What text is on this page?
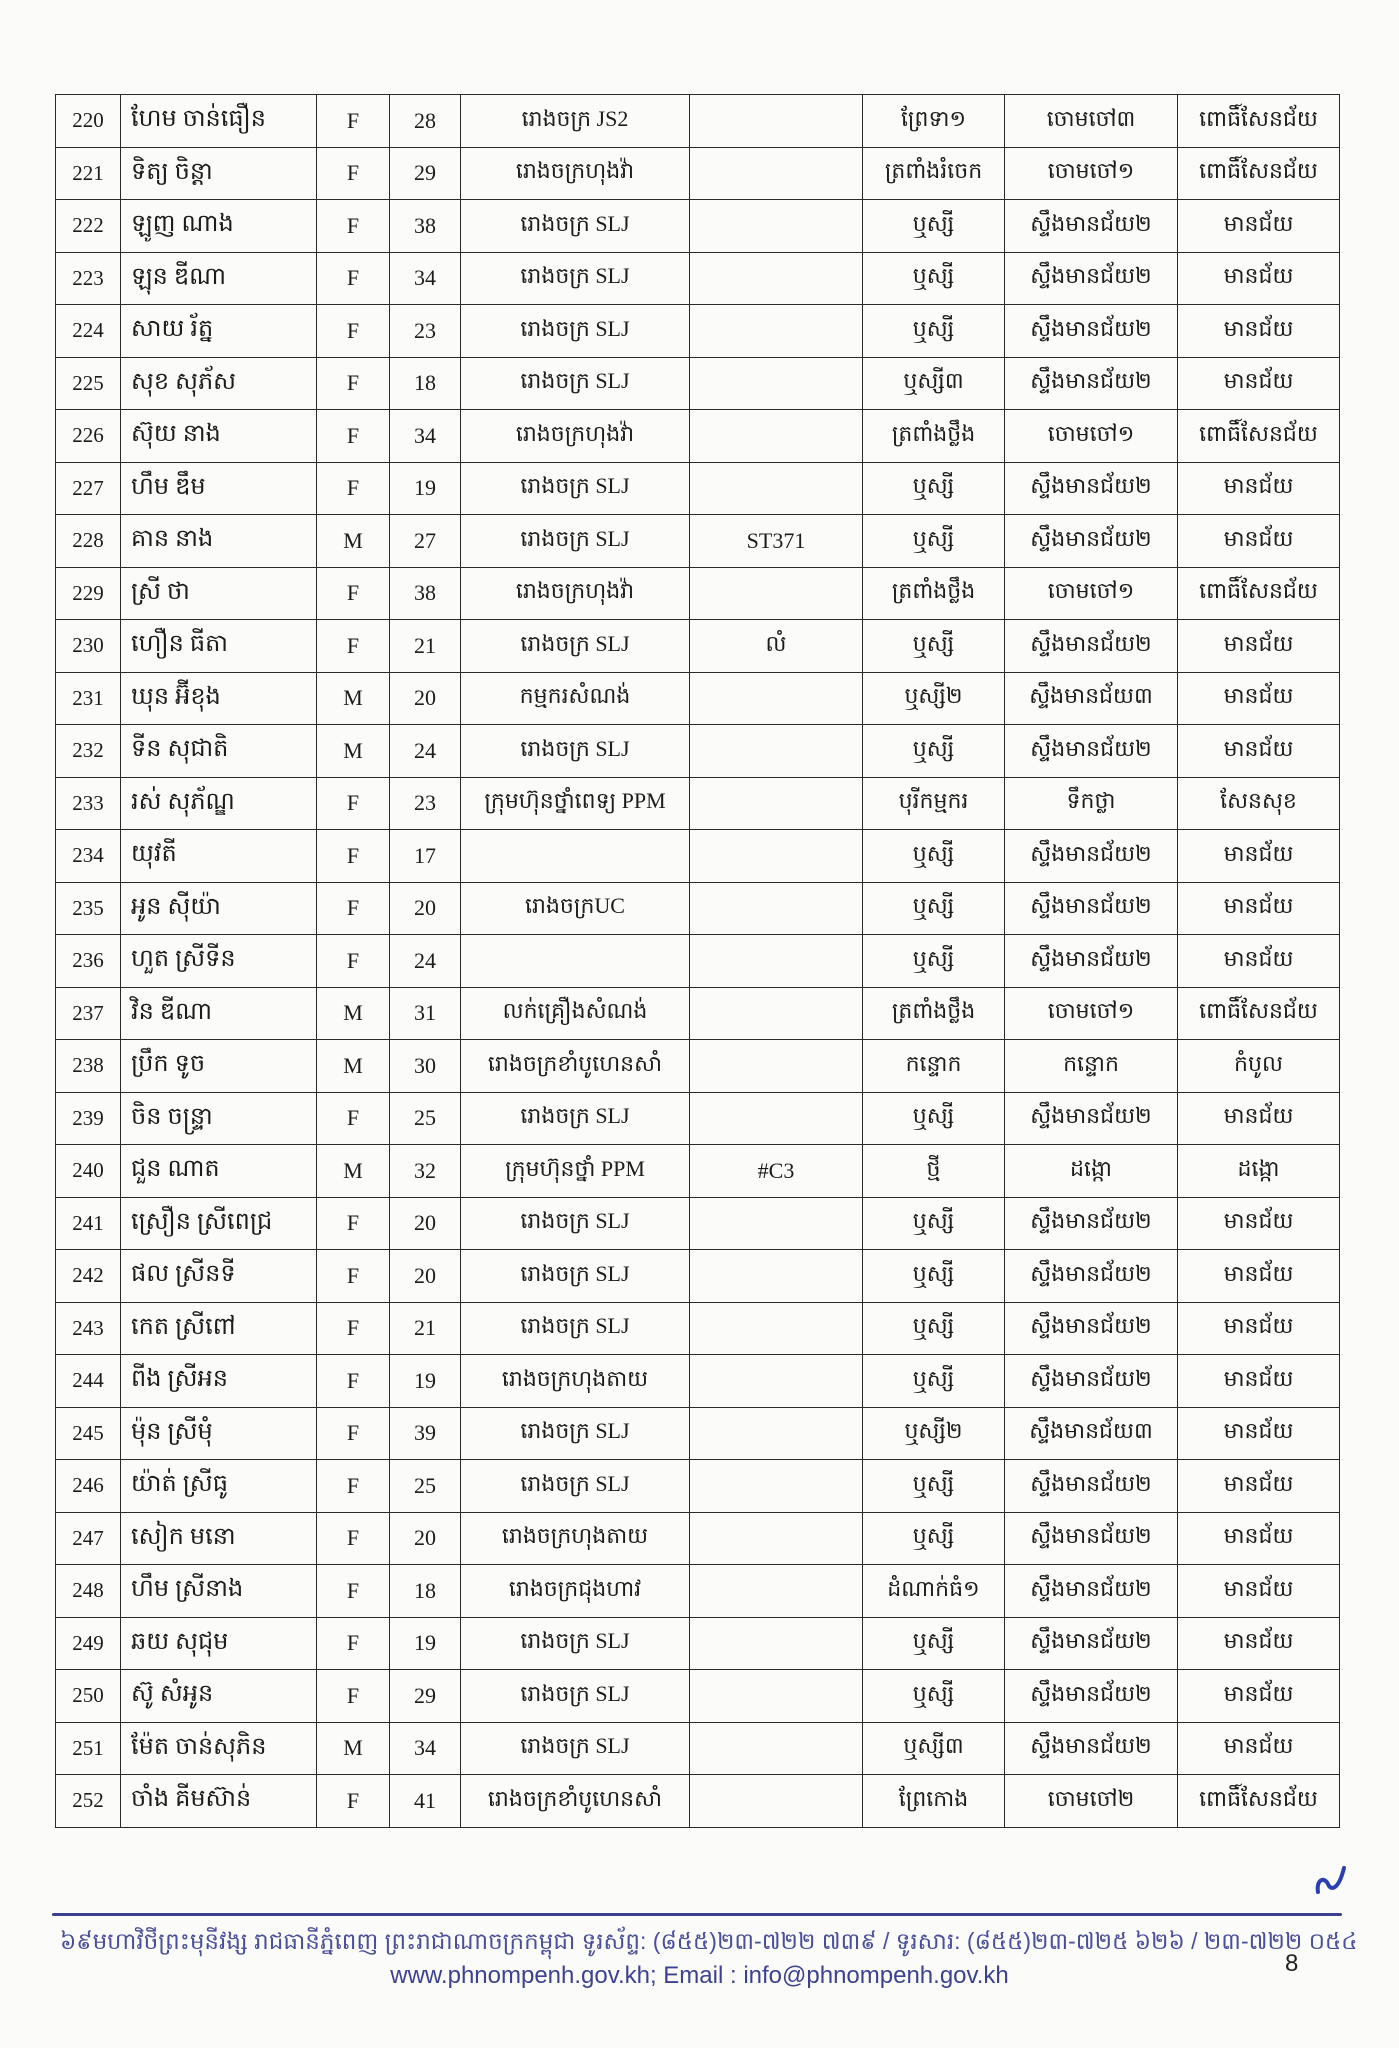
220	ហែម ចាន់ធឿន	F	28	រោងចក្រ JS2		ព្រែទា១	ចោមចៅ៣	ពោធិ៍សែនជ័យ
221	ទិត្យ ចិន្តា	F	29	រោងចក្រហុងវ៉ា		ត្រពាំងរំចេក	ចោមចៅ១	ពោធិ៍សែនជ័យ
222	ឡូញ ណាង	F	38	រោងចក្រ SLJ		ឬស្សី	ស្ទឹងមានជ័យ២	មានជ័យ
223	ឡុន ឌីណា	F	34	រោងចក្រ SLJ		ឬស្សី	ស្ទឹងមានជ័យ២	មានជ័យ
224	សាយ រ័ត្ន	F	23	រោងចក្រ SLJ		ឬស្សី	ស្ទឹងមានជ័យ២	មានជ័យ
225	សុខ សុភ័ស	F	18	រោងចក្រ SLJ		ឬស្សី៣	ស្ទឹងមានជ័យ២	មានជ័យ
226	ស៊ុយ នាង	F	34	រោងចក្រហុងវ៉ា		ត្រពាំងថ្លឹង	ចោមចៅ១	ពោធិ៍សែនជ័យ
227	ហឹម ឌឹម	F	19	រោងចក្រ SLJ		ឬស្សី	ស្ទឹងមានជ័យ២	មានជ័យ
228	គាន នាង	M	27	រោងចក្រ SLJ	ST371	ឬស្សី	ស្ទឹងមានជ័យ២	មានជ័យ
229	ស្រី ថា	F	38	រោងចក្រហុងវ៉ា		ត្រពាំងថ្លឹង	ចោមចៅ១	ពោធិ៍សែនជ័យ
230	ហឿន ធីតា	F	21	រោងចក្រ SLJ	លំ	ឬស្សី	ស្ទឹងមានជ័យ២	មានជ័យ
231	ឃុន អ៊ីខុង	M	20	កម្មករសំណង់		ឬស្សី២	ស្ទឹងមានជ័យ៣	មានជ័យ
232	ទីន សុជាតិ	M	24	រោងចក្រ SLJ		ឬស្សី	ស្ទឹងមានជ័យ២	មានជ័យ
233	រស់ សុភ័ណ្ឌ	F	23	ក្រុមហ៊ុនថ្នាំពេទ្យ PPM		បុរីកម្មករ	ទឹកថ្លា	សែនសុខ
234	យុវតី	F	17			ឬស្សី	ស្ទឹងមានជ័យ២	មានជ័យ
235	អូន ស៊ីយ៉ា	F	20	រោងចក្រUC		ឬស្សី	ស្ទឹងមានជ័យ២	មានជ័យ
236	ហួត ស្រីទីន	F	24			ឬស្សី	ស្ទឹងមានជ័យ២	មានជ័យ
237	វិន ឌីណា	M	31	លក់គ្រឿងសំណង់		ត្រពាំងថ្លឹង	ចោមចៅ១	ពោធិ៍សែនជ័យ
238	ប្រឹក ទូច	M	30	រោងចក្រខាំបូហេនសាំ		កន្ទោក	កន្ទោក	កំបូល
239	ចិន ចន្ទ្រា	F	25	រោងចក្រ SLJ		ឬស្សី	ស្ទឹងមានជ័យ២	មានជ័យ
240	ជួន ណាត	M	32	ក្រុមហ៊ុនថ្នាំ PPM	#C3	ថ្មី	ដង្កោ	ដង្កោ
241	ស្រឿន ស្រីពេជ្រ	F	20	រោងចក្រ SLJ		ឬស្សី	ស្ទឹងមានជ័យ២	មានជ័យ
242	ផល ស្រីនទី	F	20	រោងចក្រ SLJ		ឬស្សី	ស្ទឹងមានជ័យ២	មានជ័យ
243	កេត ស្រីពៅ	F	21	រោងចក្រ SLJ		ឬស្សី	ស្ទឹងមានជ័យ២	មានជ័យ
244	ពីង ស្រីអន	F	19	រោងចក្រហុងតាយ		ឬស្សី	ស្ទឹងមានជ័យ២	មានជ័យ
245	ម៉ុន ស្រីមុំ	F	39	រោងចក្រ SLJ		ឬស្សី២	ស្ទឹងមានជ័យ៣	មានជ័យ
246	យ៉ាត់ ស្រីធូ	F	25	រោងចក្រ SLJ		ឬស្សី	ស្ទឹងមានជ័យ២	មានជ័យ
247	សៀក មនោ	F	20	រោងចក្រហុងតាយ		ឬស្សី	ស្ទឹងមានជ័យ២	មានជ័យ
248	ហឹម ស្រីនាង	F	18	រោងចក្រជុងហាវ		ដំណាក់ធំ១	ស្ទឹងមានជ័យ២	មានជ័យ
249	ឆយ សុជុម	F	19	រោងចក្រ SLJ		ឬស្សី	ស្ទឹងមានជ័យ២	មានជ័យ
250	ស៊ូ សំអូន	F	29	រោងចក្រ SLJ		ឬស្សី	ស្ទឹងមានជ័យ២	មានជ័យ
251	ម៉ែត ចាន់សុភិន	M	34	រោងចក្រ SLJ		ឬស្សី៣	ស្ទឹងមានជ័យ២	មានជ័យ
252	ចាំង គីមស៊ាន់	F	41	រោងចក្រខាំបូហេនសាំ		ព្រែកោង	ចោមចៅ២	ពោធិ៍សែនជ័យ
៦៩មហាវិថីព្រះមុនីវង្ស រាជធានីភ្នំពេញ ព្រះរាជាណាចក្រកម្ពុជា ទូរស័ព្ទ: (៨៥៥)២៣-៧២២ ៧៣៩ / ទូរសារ: (៨៥៥)២៣-៧២៥ ៦២៦ / ២៣-៧២២ ០៥៤
8
www.phnompenh.gov.kh; Email : info@phnompenh.gov.kh
